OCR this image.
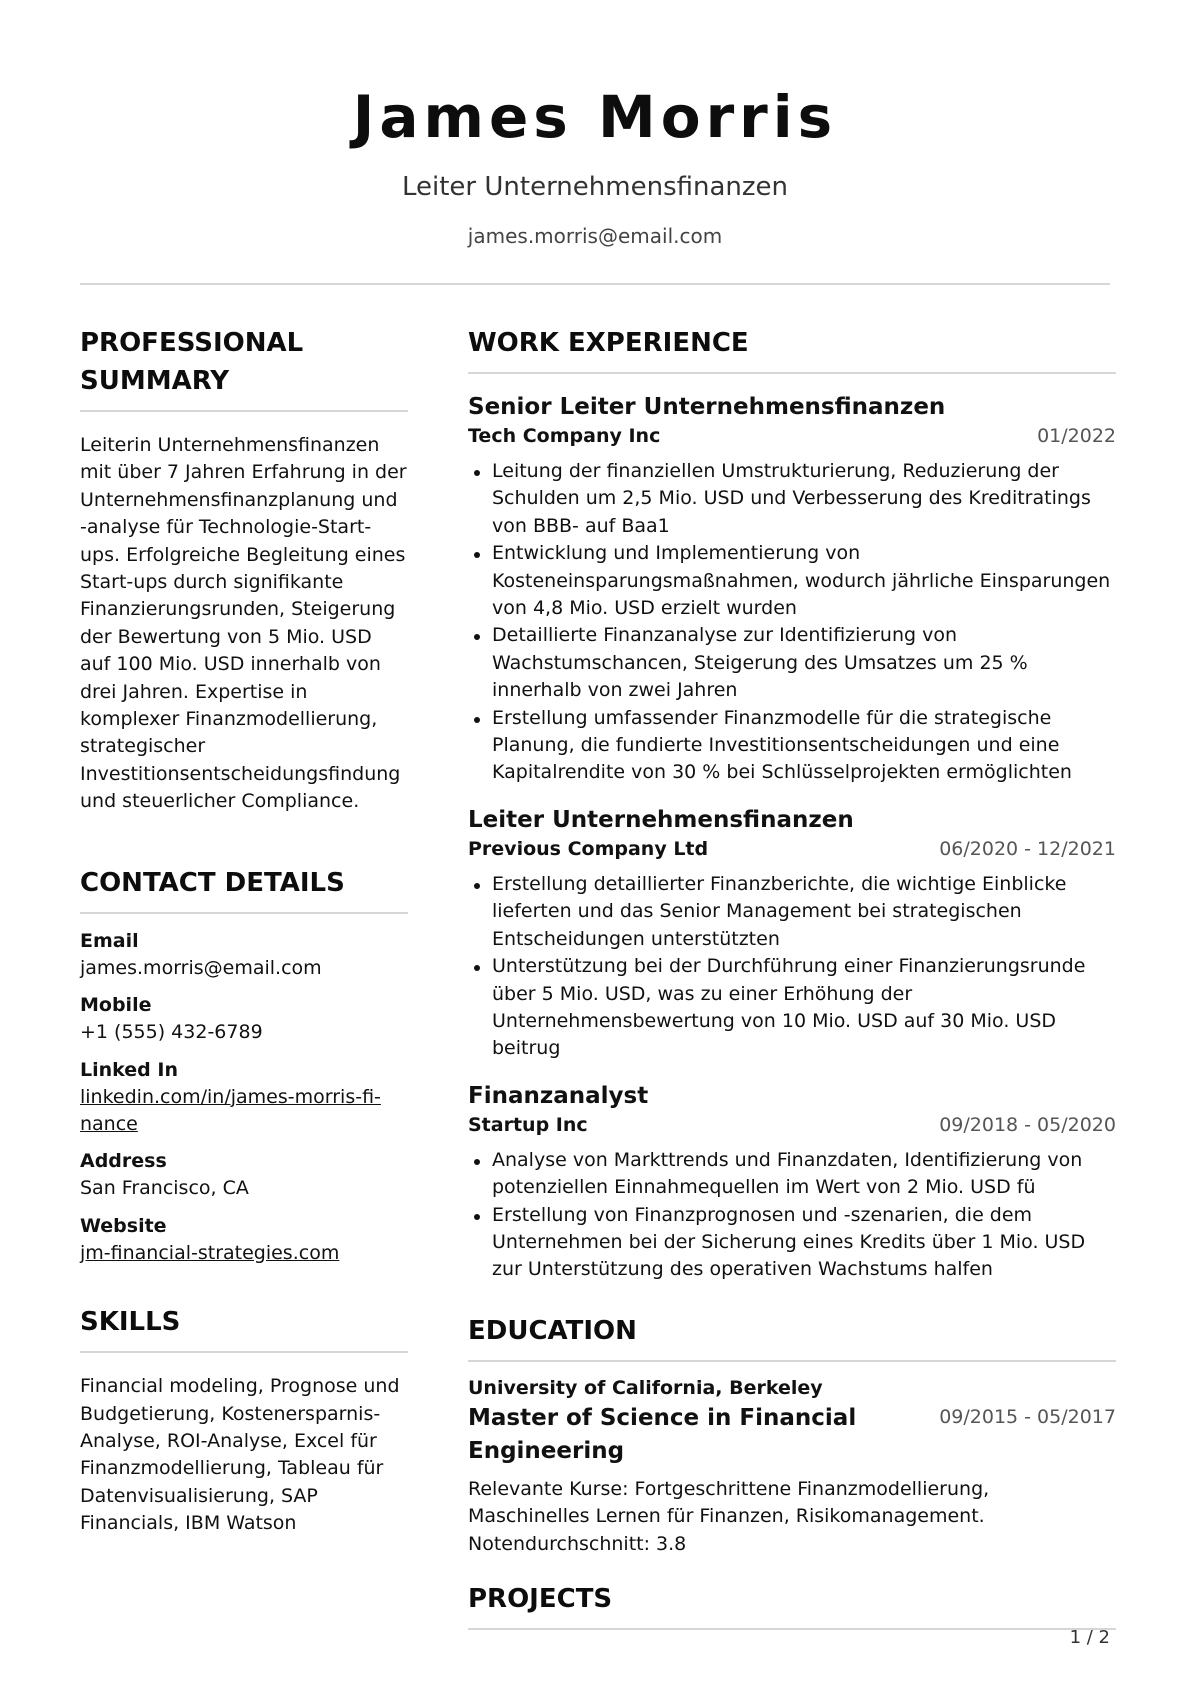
James Morris
Leiter Unternehmensfinanzen
james.morris@email.com
PROFESSIONAL SUMMARY
Leiterin Unternehmensfinanzen mit über 7 Jahren Erfahrung in der Unternehmensfinanzplanung und -analyse für Technologie-Start-ups. Erfolgreiche Begleitung eines Start-ups durch signifikante Finanzierungsrunden, Steigerung der Bewertung von 5 Mio. USD auf 100 Mio. USD innerhalb von drei Jahren. Expertise in komplexer Finanzmodellierung, strategischer Investitionsentscheidungsfindung und steuerlicher Compliance.
CONTACT DETAILS
Email
james.morris@email.com
Mobile
+1 (555) 432-6789
Linked In
linkedin.com/in/james-morris-fi-nance
Address
San Francisco, CA
Website
jm-financial-strategies.com
SKILLS
Financial modeling, Prognose und Budgetierung, Kostenersparnis-Analyse, ROI-Analyse, Excel für Finanzmodellierung, Tableau für Datenvisualisierung, SAP Financials, IBM Watson
WORK EXPERIENCE
Senior Leiter Unternehmensfinanzen
Tech Company Inc	01/2022
Leitung der finanziellen Umstrukturierung, Reduzierung der Schulden um 2,5 Mio. USD und Verbesserung des Kreditratings von BBB- auf Baa1
Entwicklung und Implementierung von Kosteneinsparungsmaßnahmen, wodurch jährliche Einsparungen von 4,8 Mio. USD erzielt wurden
Detaillierte Finanzanalyse zur Identifizierung von Wachstumschancen, Steigerung des Umsatzes um 25 % innerhalb von zwei Jahren
Erstellung umfassender Finanzmodelle für die strategische Planung, die fundierte Investitionsentscheidungen und eine Kapitalrendite von 30 % bei Schlüsselprojekten ermöglichten
Leiter Unternehmensfinanzen
Previous Company Ltd	06/2020 - 12/2021
Erstellung detaillierter Finanzberichte, die wichtige Einblicke lieferten und das Senior Management bei strategischen Entscheidungen unterstützten
Unterstützung bei der Durchführung einer Finanzierungsrunde über 5 Mio. USD, was zu einer Erhöhung der Unternehmensbewertung von 10 Mio. USD auf 30 Mio. USD beitrug
Finanzanalyst
Startup Inc	09/2018 - 05/2020
Analyse von Markttrends und Finanzdaten, Identifizierung von potenziellen Einnahmequellen im Wert von 2 Mio. USD fü
Erstellung von Finanzprognosen und -szenarien, die dem Unternehmen bei der Sicherung eines Kredits über 1 Mio. USD zur Unterstützung des operativen Wachstums halfen
EDUCATION
University of California, Berkeley
Master of Science in Financial Engineering
09/2015 - 05/2017
Relevante Kurse: Fortgeschrittene Finanzmodellierung, Maschinelles Lernen für Finanzen, Risikomanagement. Notendurchschnitt: 3.8
PROJECTS
1 / 2
